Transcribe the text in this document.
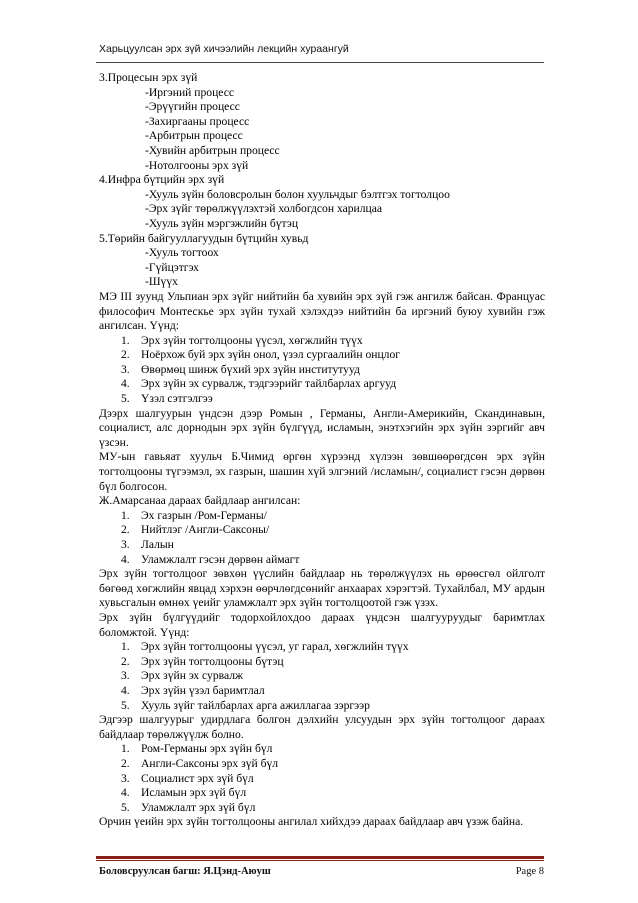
Харьцуулсан эрх зүй хичээлийн лекцийн хураангуй

3.Процесын эрх зүй

-Иргэний процесс

-Эрүүгийн процесс

-Захиргааны процесс

-Арбитрын процесс

-Хувийн арбитрын процесс

-Нотолгооны эрх зүй

4.Инфра бүтцийн эрх зүй

-Хууль зүйн боловсролын болон хуульчдыг бэлтгэх тогтолцоо

-Эрх зүйг төрөлжүүлэхтэй холбогдсон харилцаа

-Хууль зүйн мэргэжлийн бүтэц

5.Төрийн байгууллагуудын бүтцийн хувьд

-Хууль тогтоох

-Гүйцэтгэх

-Шүүх

МЭ III зуунд Ульпиан эрх зүйг нийтийн ба хувийн эрх зүй гэж ангилж байсан. Француас философич Монтескье эрх зүйн тухай хэлэхдээ нийтийн ба иргэний буюу хувийн гэж ангилсан. Үүнд:

1. Эрх зүйн тогтолцооны үүсэл, хөгжлийн түүх
2. Ноёрхож буй эрх зүйн онол, үзэл сургаалийн онцлог
3. Өвөрмөц шинж бүхий эрх зүйн институтууд
4. Эрх зүйн эх сурвалж, тэдгээрийг тайлбарлах аргууд
5. Үзэл сэтгэлгээ

Дээрх шалгуурын үндсэн дээр Ромын , Германы, Англи-Америкийн, Скандинавын, социалист, алс дорнодын эрх зүйн бүлгүүд, исламын, энэтхэгийн эрх зүйн зэргийг авч үзсэн.

МУ-ын гавьяат хуульч Б.Чимид өргөн хүрээнд хүлээн зөвшөөрөгдсөн эрх зүйн тогтолцооны түгээмэл, эх газрын, шашин хүй элгэний /исламын/, социалист гэсэн дөрвөн бүл болгосон.

Ж.Амарсанаа дараах байдлаар ангилсан:

1. Эх газрын /Ром-Германы/
2. Нийтлэг /Англи-Саксоны/
3. Лалын
4. Уламжлалт гэсэн дөрвөн аймагт

Эрх зүйн тогтолцоог зөвхөн үүслийн байдлаар нь төрөлжүүлэх нь өрөөсгөл ойлголт бөгөөд хөгжлийн явцад хэрхэн өөрчлөгдсөнийг анхаарах хэрэгтэй. Тухайлбал, МУ ардын хувьсгалын өмнөх үеийг уламжлалт эрх зүйн тогтолцоотой гэж үзэх.

Эрх зүйн бүлгүүдийг тодорхойлохдоо дараах үндсэн шалгууруудыг баримтлах боломжтой. Үүнд:

1. Эрх зүйн тогтолцооны үүсэл, уг гарал, хөгжлийн түүх
2. Эрх зүйн тогтолцооны бүтэц
3. Эрх зүйн эх сурвалж
4. Эрх зүйн үзэл баримтлал
5. Хууль зүйг тайлбарлах арга ажиллагаа зэргээр

Эдгээр шалгуурыг удирдлага болгон дэлхийн улсуудын эрх зүйн тогтолцоог дараах байдлаар төрөлжүүлж болно.

1. Ром-Германы эрх зүйн бүл
2. Англи-Саксоны эрх зүй бүл
3. Социалист эрх зүй бүл
4. Исламын эрх зүй бүл
5. Уламжлалт эрх зүй бүл

Орчин үеийн эрх зүйн тогтолцооны ангилал хийхдээ дараах байдлаар авч үзэж байна.

Боловсруулсан багш: Я.Цэнд-Аюуш	Page 8
